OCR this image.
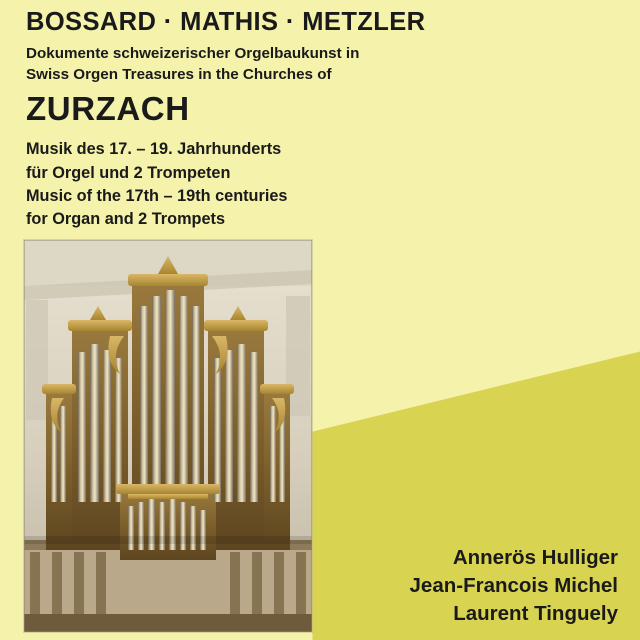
BOSSARD · MATHIS · METZLER
Dokumente schweizerischer Orgelbaukunst in
Swiss Orgen Treasures in the Churches of
ZURZACH
Musik des 17. – 19. Jahrhunderts
für Orgel und 2 Trompeten
Music of the 17th – 19th centuries
for Organ and 2 Trompets
Annerös Hulliger
Jean-Francois Michel
Laurent Tinguely
